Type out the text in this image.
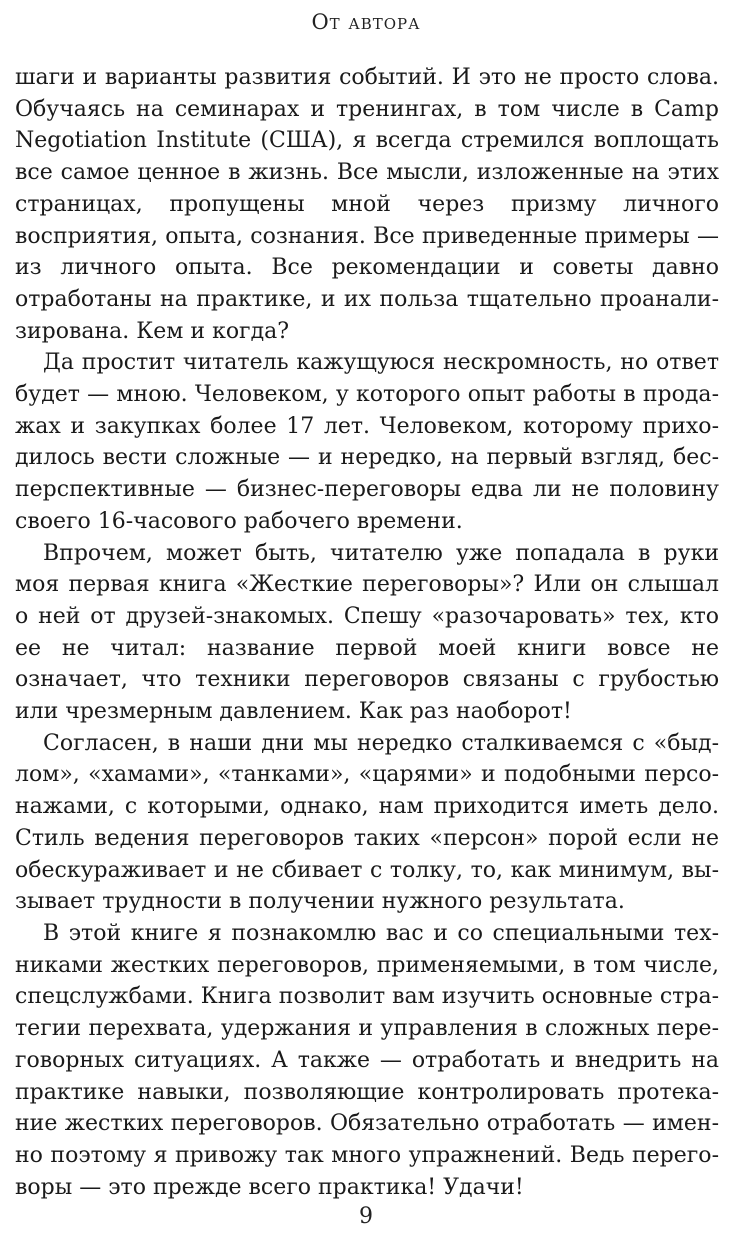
От автора

шаги и варианты развития событий. И это не просто слова. Обучаясь на семинарах и тренингах, в том числе в Camp Negotiation Institute (США), я всегда стремился воплощать все самое ценное в жизнь. Все мысли, изложенные на этих страницах, пропущены мной через призму личного восприятия, опыта, сознания. Все приведенные примеры — из личного опыта. Все рекомендации и советы давно отработаны на практике, и их польза тщательно проанализирована. Кем и когда?

Да простит читатель кажущуюся нескромность, но ответ будет — мною. Человеком, у которого опыт работы в продажах и закупках более 17 лет. Человеком, которому приходилось вести сложные — и нередко, на первый взгляд, бесперспективные — бизнес-переговоры едва ли не половину своего 16-часового рабочего времени.

Впрочем, может быть, читателю уже попадала в руки моя первая книга «Жесткие переговоры»? Или он слышал о ней от друзей-знакомых. Спешу «разочаровать» тех, кто ее не читал: название первой моей книги вовсе не означает, что техники переговоров связаны с грубостью или чрезмерным давлением. Как раз наоборот!

Согласен, в наши дни мы нередко сталкиваемся с «быдлом», «хамами», «танками», «царями» и подобными персонажами, с которыми, однако, нам приходится иметь дело. Стиль ведения переговоров таких «персон» порой если не обескураживает и не сбивает с толку, то, как минимум, вызывает трудности в получении нужного результата.

В этой книге я познакомлю вас и со специальными техниками жестких переговоров, применяемыми, в том числе, спецслужбами. Книга позволит вам изучить основные стратегии перехвата, удержания и управления в сложных переговорных ситуациях. А также — отработать и внедрить на практике навыки, позволяющие контролировать протекание жестких переговоров. Обязательно отработать — именно поэтому я привожу так много упражнений. Ведь переговоры — это прежде всего практика! Удачи!

9
